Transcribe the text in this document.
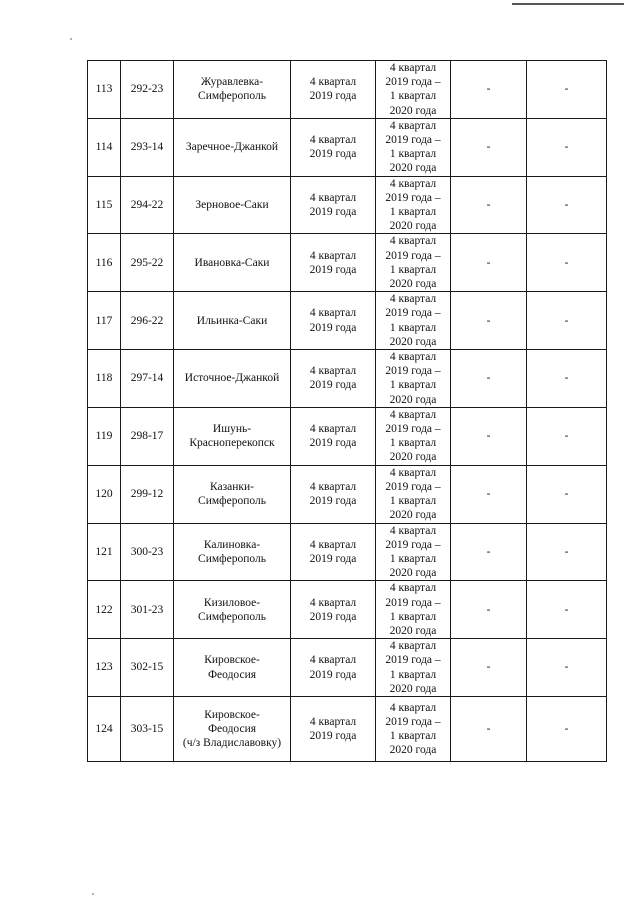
113	292-23	Журавлевка-
Симферополь	4 квартал
2019 года	4 квартал
2019 года –
1 квартал
2020 года	-	-
114	293-14	Заречное-Джанкой	4 квартал
2019 года	4 квартал
2019 года –
1 квартал
2020 года	-	-
115	294-22	Зерновое-Саки	4 квартал
2019 года	4 квартал
2019 года –
1 квартал
2020 года	-	-
116	295-22	Ивановка-Саки	4 квартал
2019 года	4 квартал
2019 года –
1 квартал
2020 года	-	-
117	296-22	Ильинка-Саки	4 квартал
2019 года	4 квартал
2019 года –
1 квартал
2020 года	-	-
118	297-14	Источное-Джанкой	4 квартал
2019 года	4 квартал
2019 года –
1 квартал
2020 года	-	-
119	298-17	Ишунь-
Красноперекопск	4 квартал
2019 года	4 квартал
2019 года –
1 квартал
2020 года	-	-
120	299-12	Казанки-
Симферополь	4 квартал
2019 года	4 квартал
2019 года –
1 квартал
2020 года	-	-
121	300-23	Калиновка-
Симферополь	4 квартал
2019 года	4 квартал
2019 года –
1 квартал
2020 года	-	-
122	301-23	Кизиловое-
Симферополь	4 квартал
2019 года	4 квартал
2019 года –
1 квартал
2020 года	-	-
123	302-15	Кировское-
Феодосия	4 квартал
2019 года	4 квартал
2019 года –
1 квартал
2020 года	-	-
124	303-15	Кировское-
Феодосия
(ч/з Владиславовку)	4 квартал
2019 года	4 квартал
2019 года –
1 квартал
2020 года	-	-
